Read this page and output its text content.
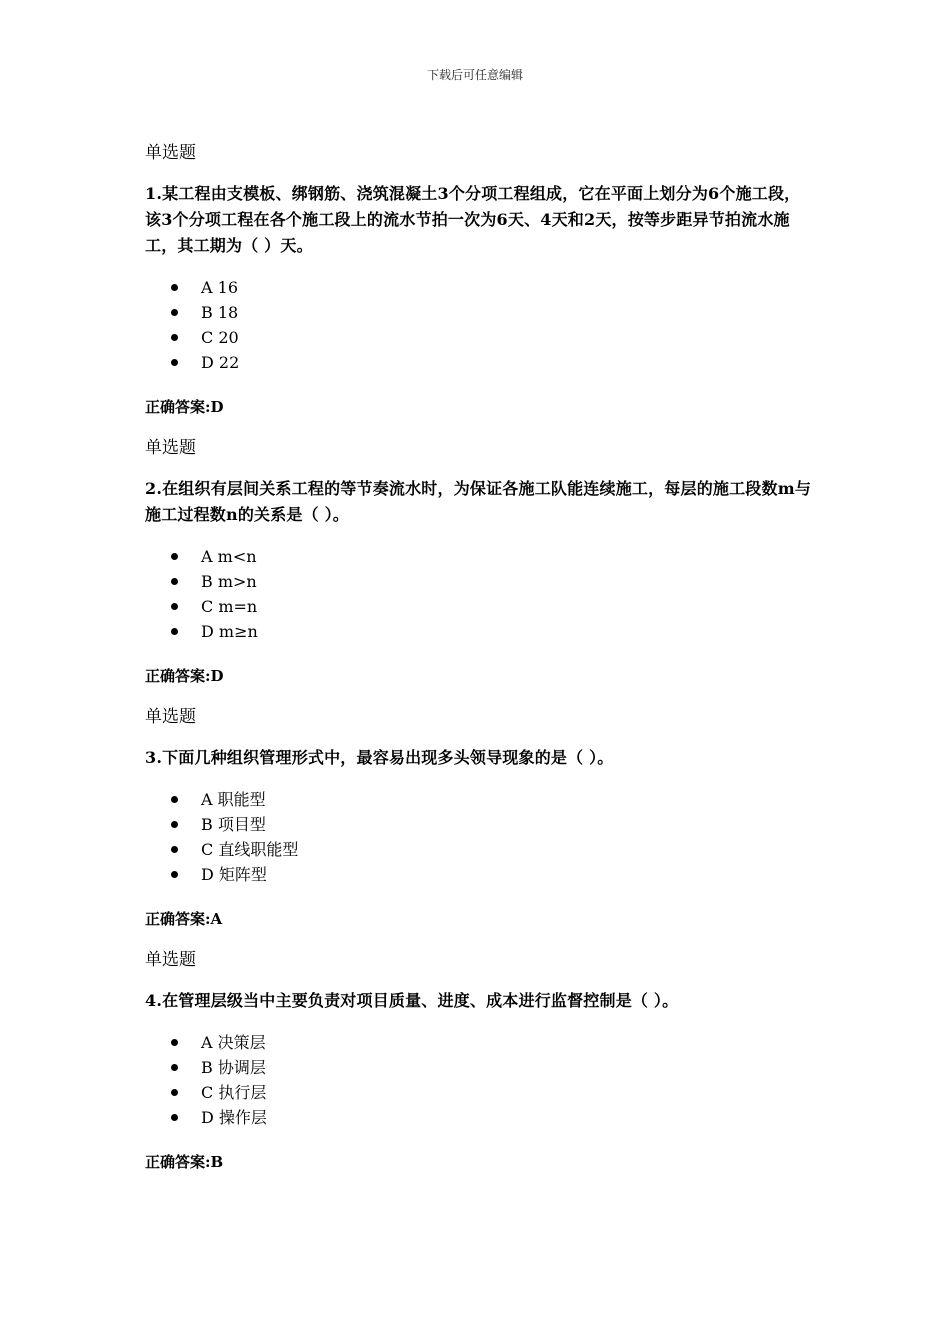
下载后可任意编辑
单选题
1.某工程由支模板、绑钢筋、浇筑混凝土3个分项工程组成，它在平面上划分为6个施工段，该3个分项工程在各个施工段上的流水节拍一次为6天、4天和2天，按等步距异节拍流水施工，其工期为（ ）天。
A 16
B 18
C 20
D 22
正确答案:D
单选题
2.在组织有层间关系工程的等节奏流水时，为保证各施工队能连续施工，每层的施工段数m与施工过程数n的关系是（ ）。
A m<n
B m>n
C m=n
D m≥n
正确答案:D
单选题
3.下面几种组织管理形式中，最容易出现多头领导现象的是（ ）。
A 职能型
B 项目型
C 直线职能型
D 矩阵型
正确答案:A
单选题
4.在管理层级当中主要负责对项目质量、进度、成本进行监督控制是（ ）。
A 决策层
B 协调层
C 执行层
D 操作层
正确答案:B
